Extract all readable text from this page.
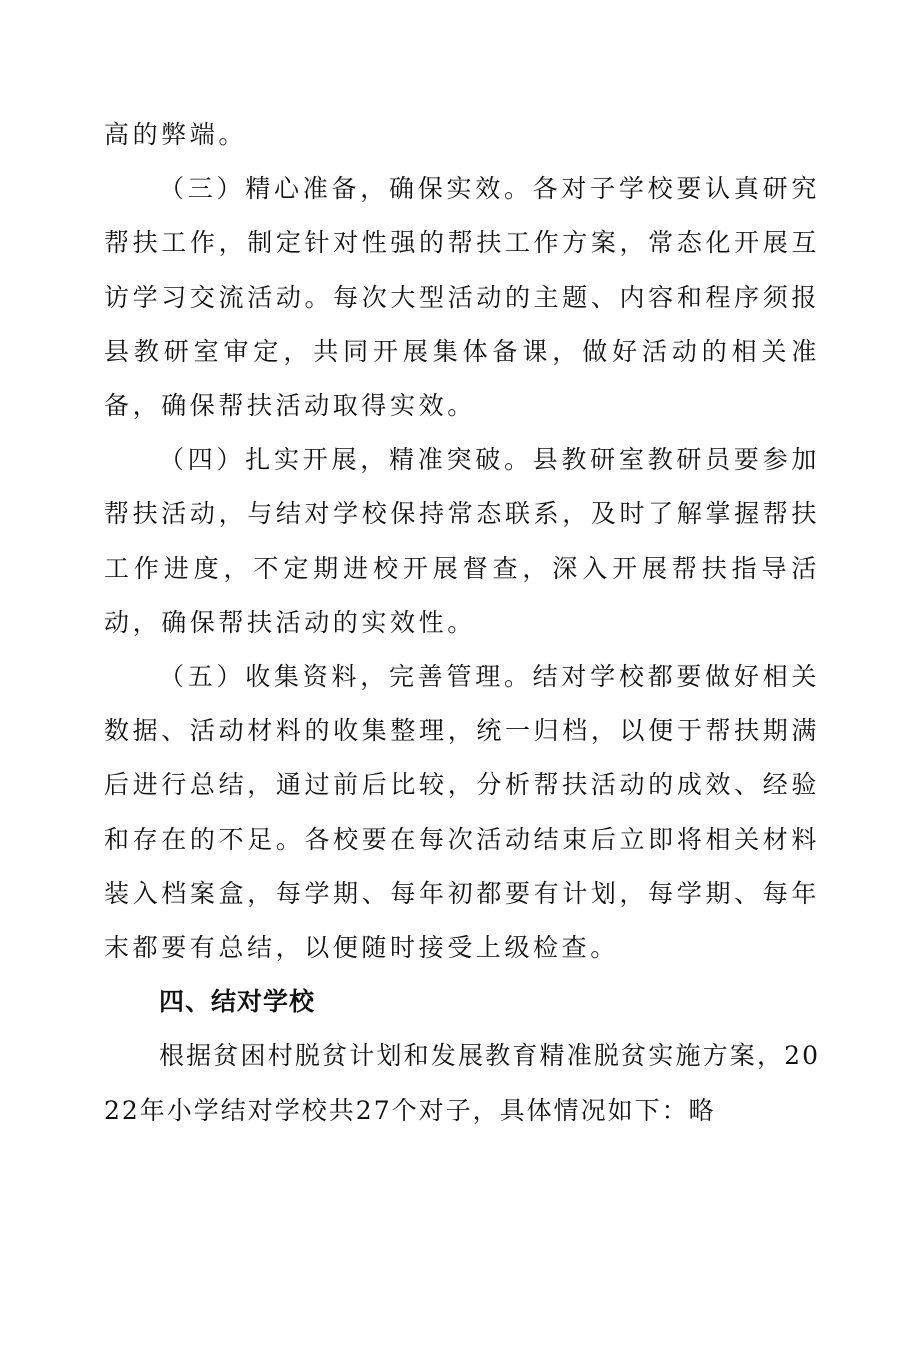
高的弊端。

（三）精心准备，确保实效。各对子学校要认真研究帮扶工作，制定针对性强的帮扶工作方案，常态化开展互访学习交流活动。每次大型活动的主题、内容和程序须报县教研室审定，共同开展集体备课，做好活动的相关准备，确保帮扶活动取得实效。

（四）扎实开展，精准突破。县教研室教研员要参加帮扶活动，与结对学校保持常态联系，及时了解掌握帮扶工作进度，不定期进校开展督查，深入开展帮扶指导活动，确保帮扶活动的实效性。

（五）收集资料，完善管理。结对学校都要做好相关数据、活动材料的收集整理，统一归档，以便于帮扶期满后进行总结，通过前后比较，分析帮扶活动的成效、经验和存在的不足。各校要在每次活动结束后立即将相关材料装入档案盒，每学期、每年初都要有计划，每学期、每年末都要有总结，以便随时接受上级检查。

四、结对学校

根据贫困村脱贫计划和发展教育精准脱贫实施方案，2022年小学结对学校共27个对子，具体情况如下：略
